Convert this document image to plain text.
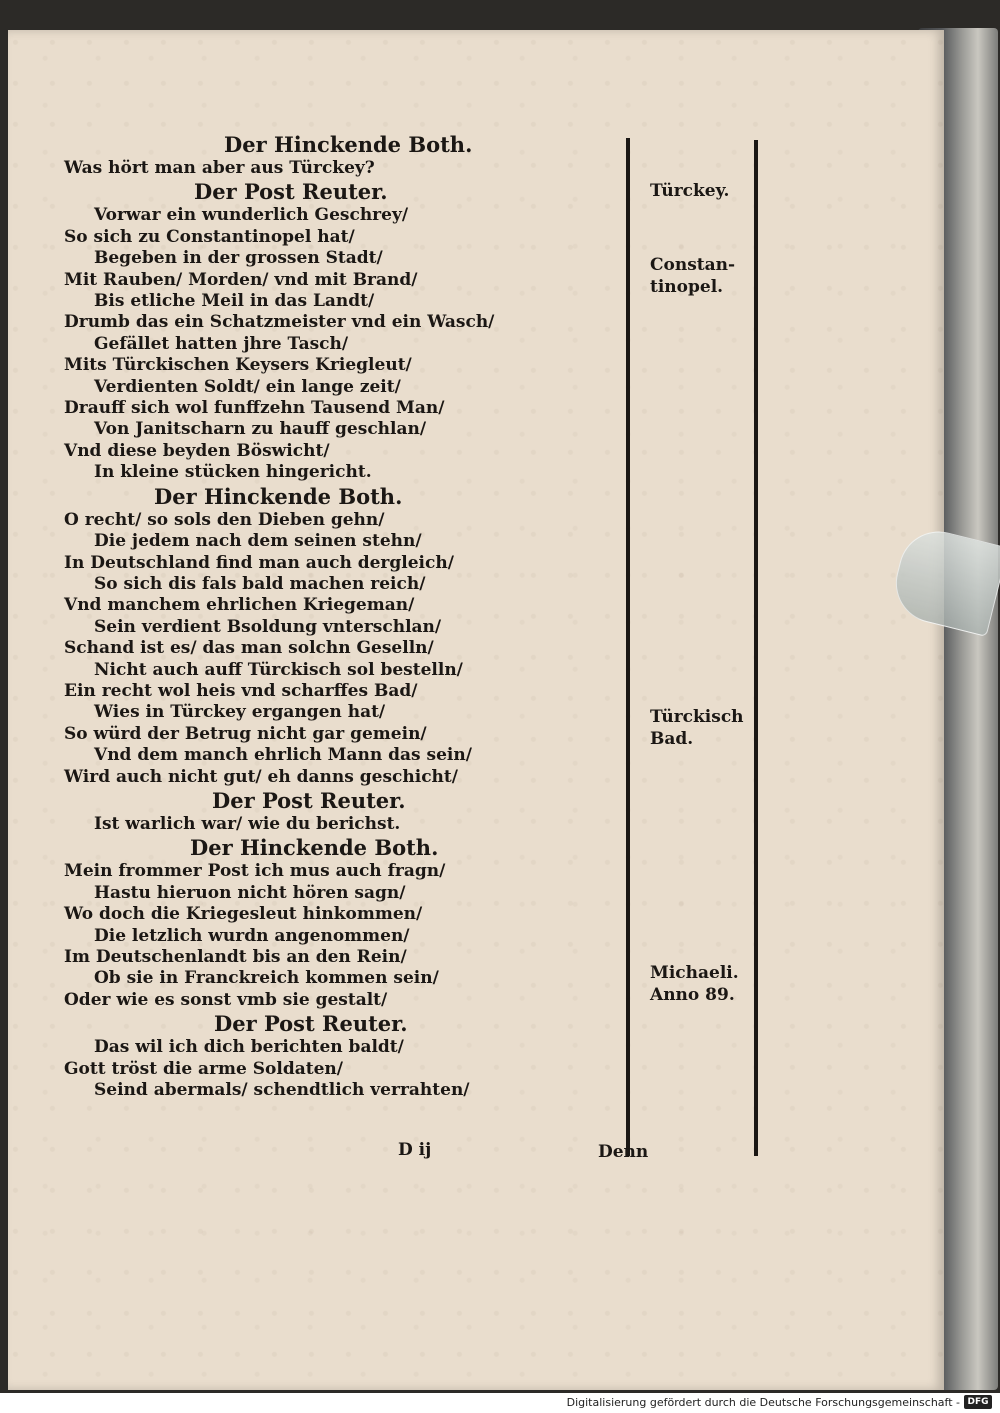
Der Hinckende Both.
Was hört man aber aus Türckey?
Der Post Reuter.
Vorwar ein wunderlich Geschrey/
So sich zu Constantinopel hat/
Begeben in der grossen Stadt/
Mit Rauben/ Morden/ vnd mit Brand/
Bis etliche Meil in das Landt/
Drumb das ein Schatzmeister vnd ein Wasch/
Gefället hatten jhre Tasch/
Mits Türckischen Keysers Kriegleut/
Verdienten Soldt/ ein lange zeit/
Drauff sich wol funffzehn Tausend Man/
Von Janitscharn zu hauff geschlan/
Vnd diese beyden Böswicht/
In kleine stücken hingericht.
Der Hinckende Both.
O recht/ so sols den Dieben gehn/
Die jedem nach dem seinen stehn/
In Deutschland find man auch dergleich/
So sich dis fals bald machen reich/
Vnd manchem ehrlichen Kriegeman/
Sein verdient Bsoldung vnterschlan/
Schand ist es/ das man solchn Geselln/
Nicht auch auff Türckisch sol bestelln/
Ein recht wol heis vnd scharffes Bad/
Wies in Türckey ergangen hat/
So würd der Betrug nicht gar gemein/
Vnd dem manch ehrlich Mann das sein/
Wird auch nicht gut/ eh danns geschicht/
Der Post Reuter.
Ist warlich war/ wie du berichst.
Der Hinckende Both.
Mein frommer Post ich mus auch fragn/
Hastu hieruon nicht hören sagn/
Wo doch die Kriegesleut hinkommen/
Die letzlich wurdn angenommen/
Im Deutschenlandt bis an den Rein/
Ob sie in Franckreich kommen sein/
Oder wie es sonst vmb sie gestalt/
Der Post Reuter.
Das wil ich dich berichten baldt/
Gott tröst die arme Soldaten/
Seind abermals/ schendtlich verrahten/
Türckey.
Constan-
tinopel.
Türckisch
Bad.
Michaeli.
Anno 89.
D ij	Denn
Digitalisierung gefördert durch die Deutsche Forschungsgemeinschaft - DFG
